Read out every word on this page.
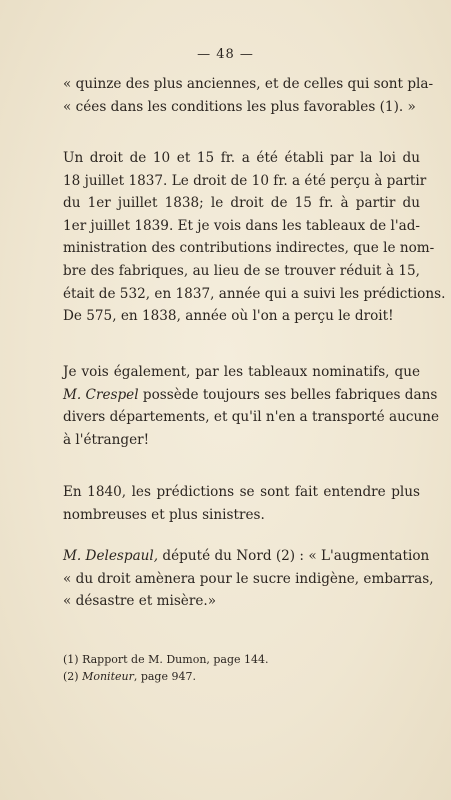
— 48 —
« quinze des plus anciennes, et de celles qui sont pla-
« cées dans les conditions les plus favorables (1). »
Un droit de 10 et 15 fr. a été établi par la loi du
18 juillet 1837. Le droit de 10 fr. a été perçu à partir
du 1er juillet 1838; le droit de 15 fr. à partir du
1er juillet 1839. Et je vois dans les tableaux de l'ad-
ministration des contributions indirectes, que le nom-
bre des fabriques, au lieu de se trouver réduit à 15,
était de 532, en 1837, année qui a suivi les prédictions.
De 575, en 1838, année où l'on a perçu le droit!
Je vois également, par les tableaux nominatifs, que
M. Crespel possède toujours ses belles fabriques dans
divers départements, et qu'il n'en a transporté aucune
à l'étranger!
En 1840, les prédictions se sont fait entendre plus
nombreuses et plus sinistres.
M. Delespaul, député du Nord (2) : « L'augmentation
« du droit amènera pour le sucre indigène, embarras,
« désastre et misère.»
(1) Rapport de M. Dumon, page 144.
(2) Moniteur, page 947.
